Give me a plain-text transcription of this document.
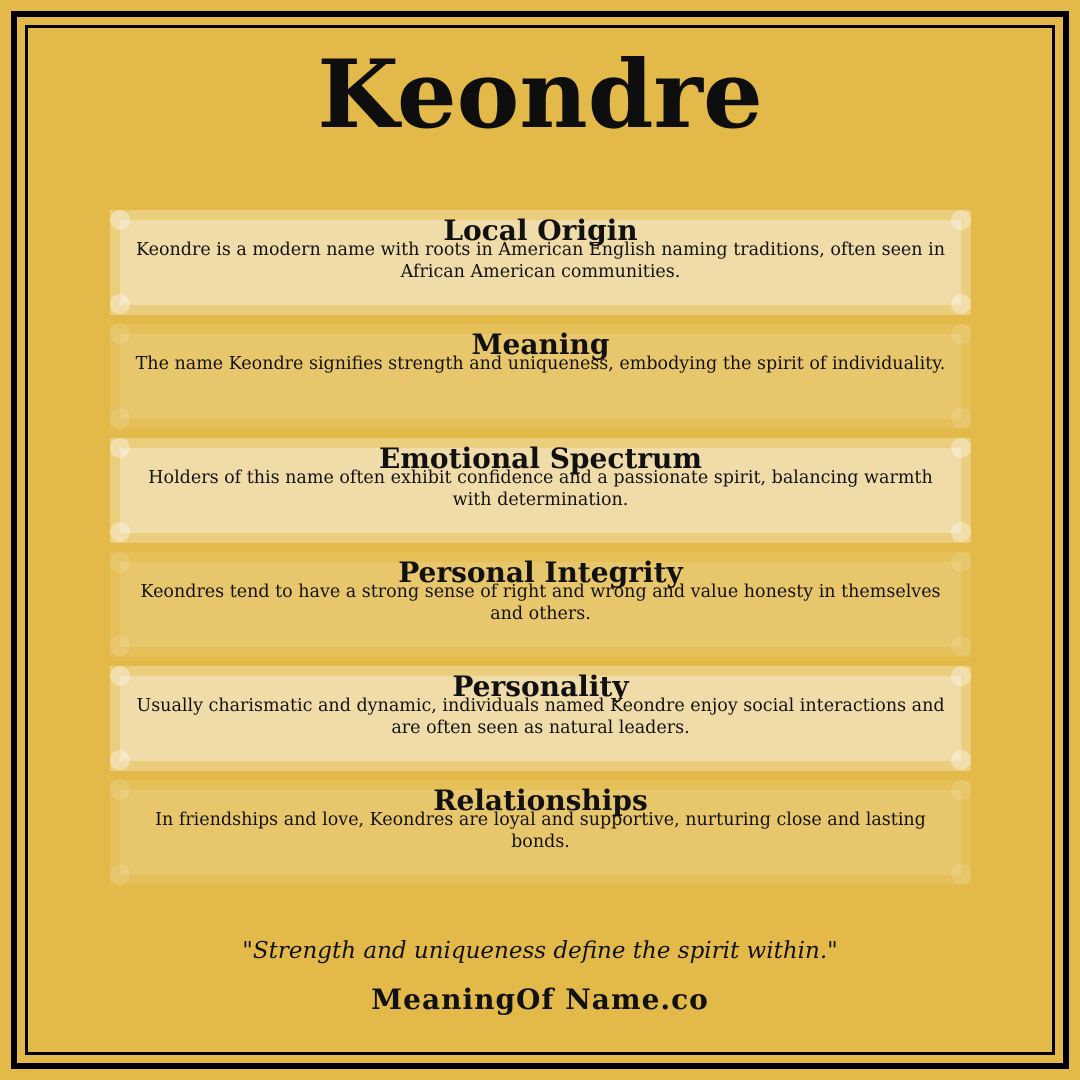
Keondre
Local Origin
Keondre is a modern name with roots in American English naming traditions, often seen in African American communities.
Meaning
The name Keondre signifies strength and uniqueness, embodying the spirit of individuality.
Emotional Spectrum
Holders of this name often exhibit confidence and a passionate spirit, balancing warmth with determination.
Personal Integrity
Keondres tend to have a strong sense of right and wrong and value honesty in themselves and others.
Personality
Usually charismatic and dynamic, individuals named Keondre enjoy social interactions and are often seen as natural leaders.
Relationships
In friendships and love, Keondres are loyal and supportive, nurturing close and lasting bonds.
"Strength and uniqueness define the spirit within."
MeaningOf Name.co
